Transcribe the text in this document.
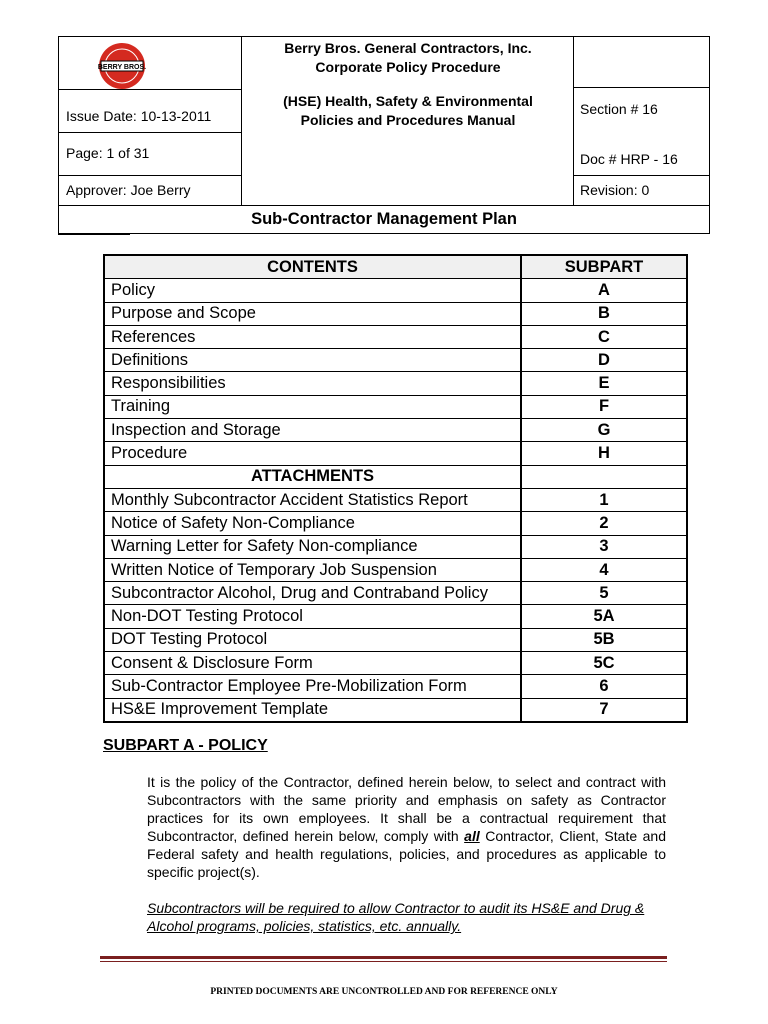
BERRY BROS.
Berry Bros. General Contractors, Inc.
Corporate Policy Procedure
(HSE) Health, Safety & Environmental
Policies and Procedures Manual
Issue Date: 10-13-2011
Page: 1 of 31
Approver: Joe Berry
Section # 16
Doc # HRP - 16
Revision: 0
Sub-Contractor Management Plan
CONTENTS	SUBPART
Policy	A
Purpose and Scope	B
References	C
Definitions	D
Responsibilities	E
Training	F
Inspection and Storage	G
Procedure	H
ATTACHMENTS	
Monthly Subcontractor Accident Statistics Report	1
Notice of Safety Non-Compliance	2
Warning Letter for Safety Non-compliance	3
Written Notice of Temporary Job Suspension	4
Subcontractor Alcohol, Drug and Contraband Policy	5
Non-DOT Testing Protocol	5A
DOT Testing Protocol	5B
Consent & Disclosure Form	5C
Sub-Contractor Employee Pre-Mobilization Form	6
HS&E Improvement Template	7
SUBPART A - POLICY
It is the policy of the Contractor, defined herein below, to select and contract with Subcontractors with the same priority and emphasis on safety as Contractor practices for its own employees. It shall be a contractual requirement that Subcontractor, defined herein below, comply with all Contractor, Client, State and Federal safety and health regulations, policies, and procedures as applicable to specific project(s).
Subcontractors will be required to allow Contractor to audit its HS&E and Drug & Alcohol programs, policies, statistics, etc. annually.
PRINTED DOCUMENTS ARE UNCONTROLLED AND FOR REFERENCE ONLY
